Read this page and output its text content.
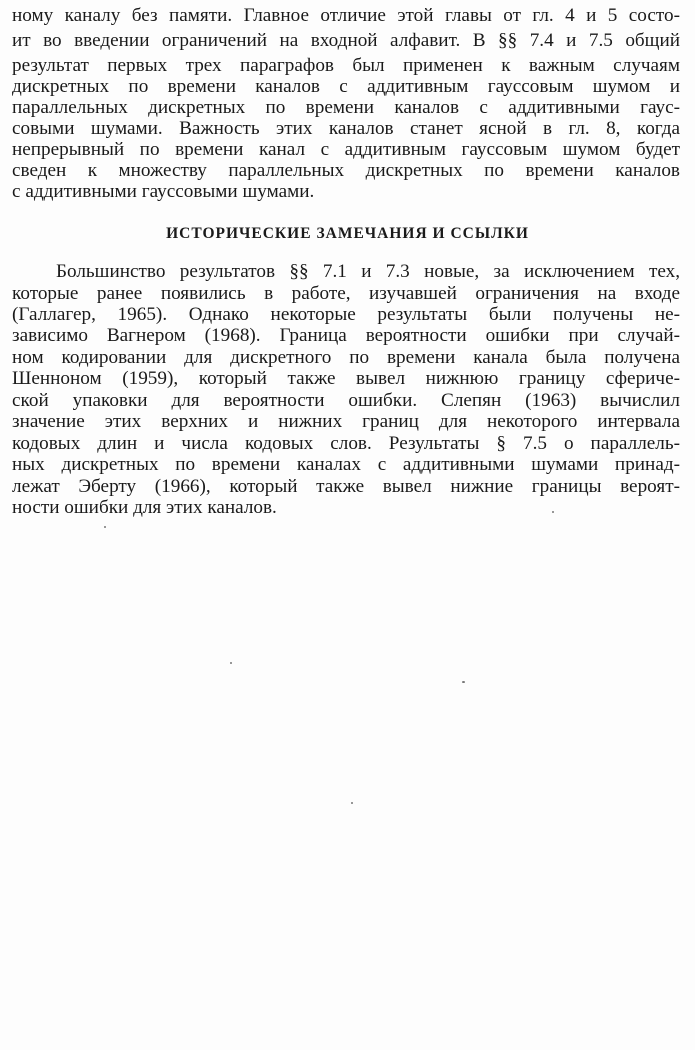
ному каналу без памяти. Главное отличие этой главы от гл. 4 и 5 состо-
ит во введении ограничений на входной алфавит. В §§ 7.4 и 7.5 общий
результат первых трех параграфов был применен к важным случаям
дискретных по времени каналов с аддитивным гауссовым шумом и
параллельных дискретных по времени каналов с аддитивными гаус-
совыми шумами. Важность этих каналов станет ясной в гл. 8, когда
непрерывный по времени канал с аддитивным гауссовым шумом будет
сведен к множеству параллельных дискретных по времени каналов
с аддитивными гауссовыми шумами.
ИСТОРИЧЕСКИЕ ЗАМЕЧАНИЯ И ССЫЛКИ
Большинство результатов §§ 7.1 и 7.3 новые, за исключением тех,
которые ранее появились в работе, изучавшей ограничения на входе
(Галлагер, 1965). Однако некоторые результаты были получены не-
зависимо Вагнером (1968). Граница вероятности ошибки при случай-
ном кодировании для дискретного по времени канала была получена
Шенноном (1959), который также вывел нижнюю границу сфериче-
ской упаковки для вероятности ошибки. Слепян (1963) вычислил
значение этих верхних и нижних границ для некоторого интервала
кодовых длин и числа кодовых слов. Результаты § 7.5 о параллель-
ных дискретных по времени каналах с аддитивными шумами принад-
лежат Эберту (1966), который также вывел нижние границы вероят-
ности ошибки для этих каналов.
